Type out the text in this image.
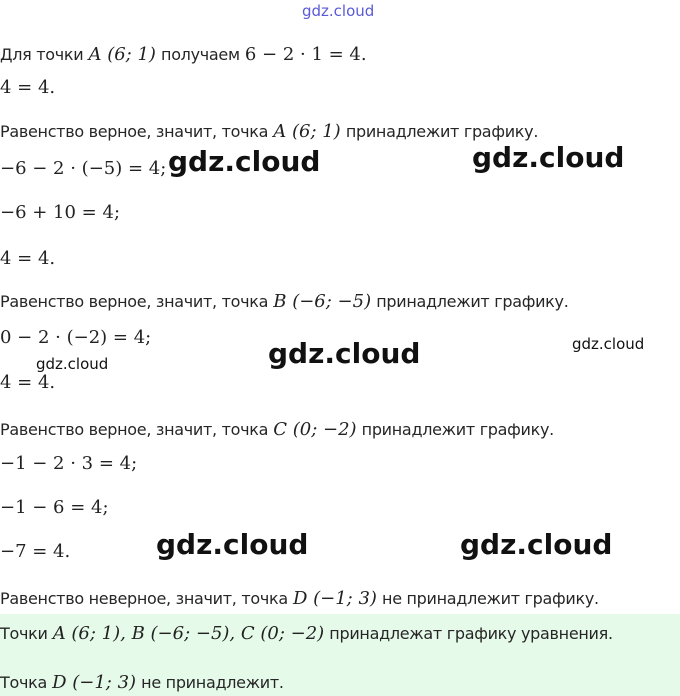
gdz.cloud
Для точки A (6; 1) получаем 6 − 2 · 1 = 4.
4 = 4.
Равенство верное, значит, точка A (6; 1) принадлежит графику.
−6 − 2 · (−5) = 4;
−6 + 10 = 4;
4 = 4.
Равенство верное, значит, точка B (−6; −5) принадлежит графику.
0 − 2 · (−2) = 4;
4 = 4.
Равенство верное, значит, точка C (0; −2) принадлежит графику.
−1 − 2 · 3 = 4;
−1 − 6 = 4;
−7 = 4.
Равенство неверное, значит, точка D (−1; 3) не принадлежит графику.
Точки A (6; 1), B (−6; −5), C (0; −2) принадлежат графику уравнения.
Точка D (−1; 3) не принадлежит.
gdz.cloud	gdz.cloud
gdz.cloud	gdz.cloud
gdz.cloud
gdz.cloud	gdz.cloud
